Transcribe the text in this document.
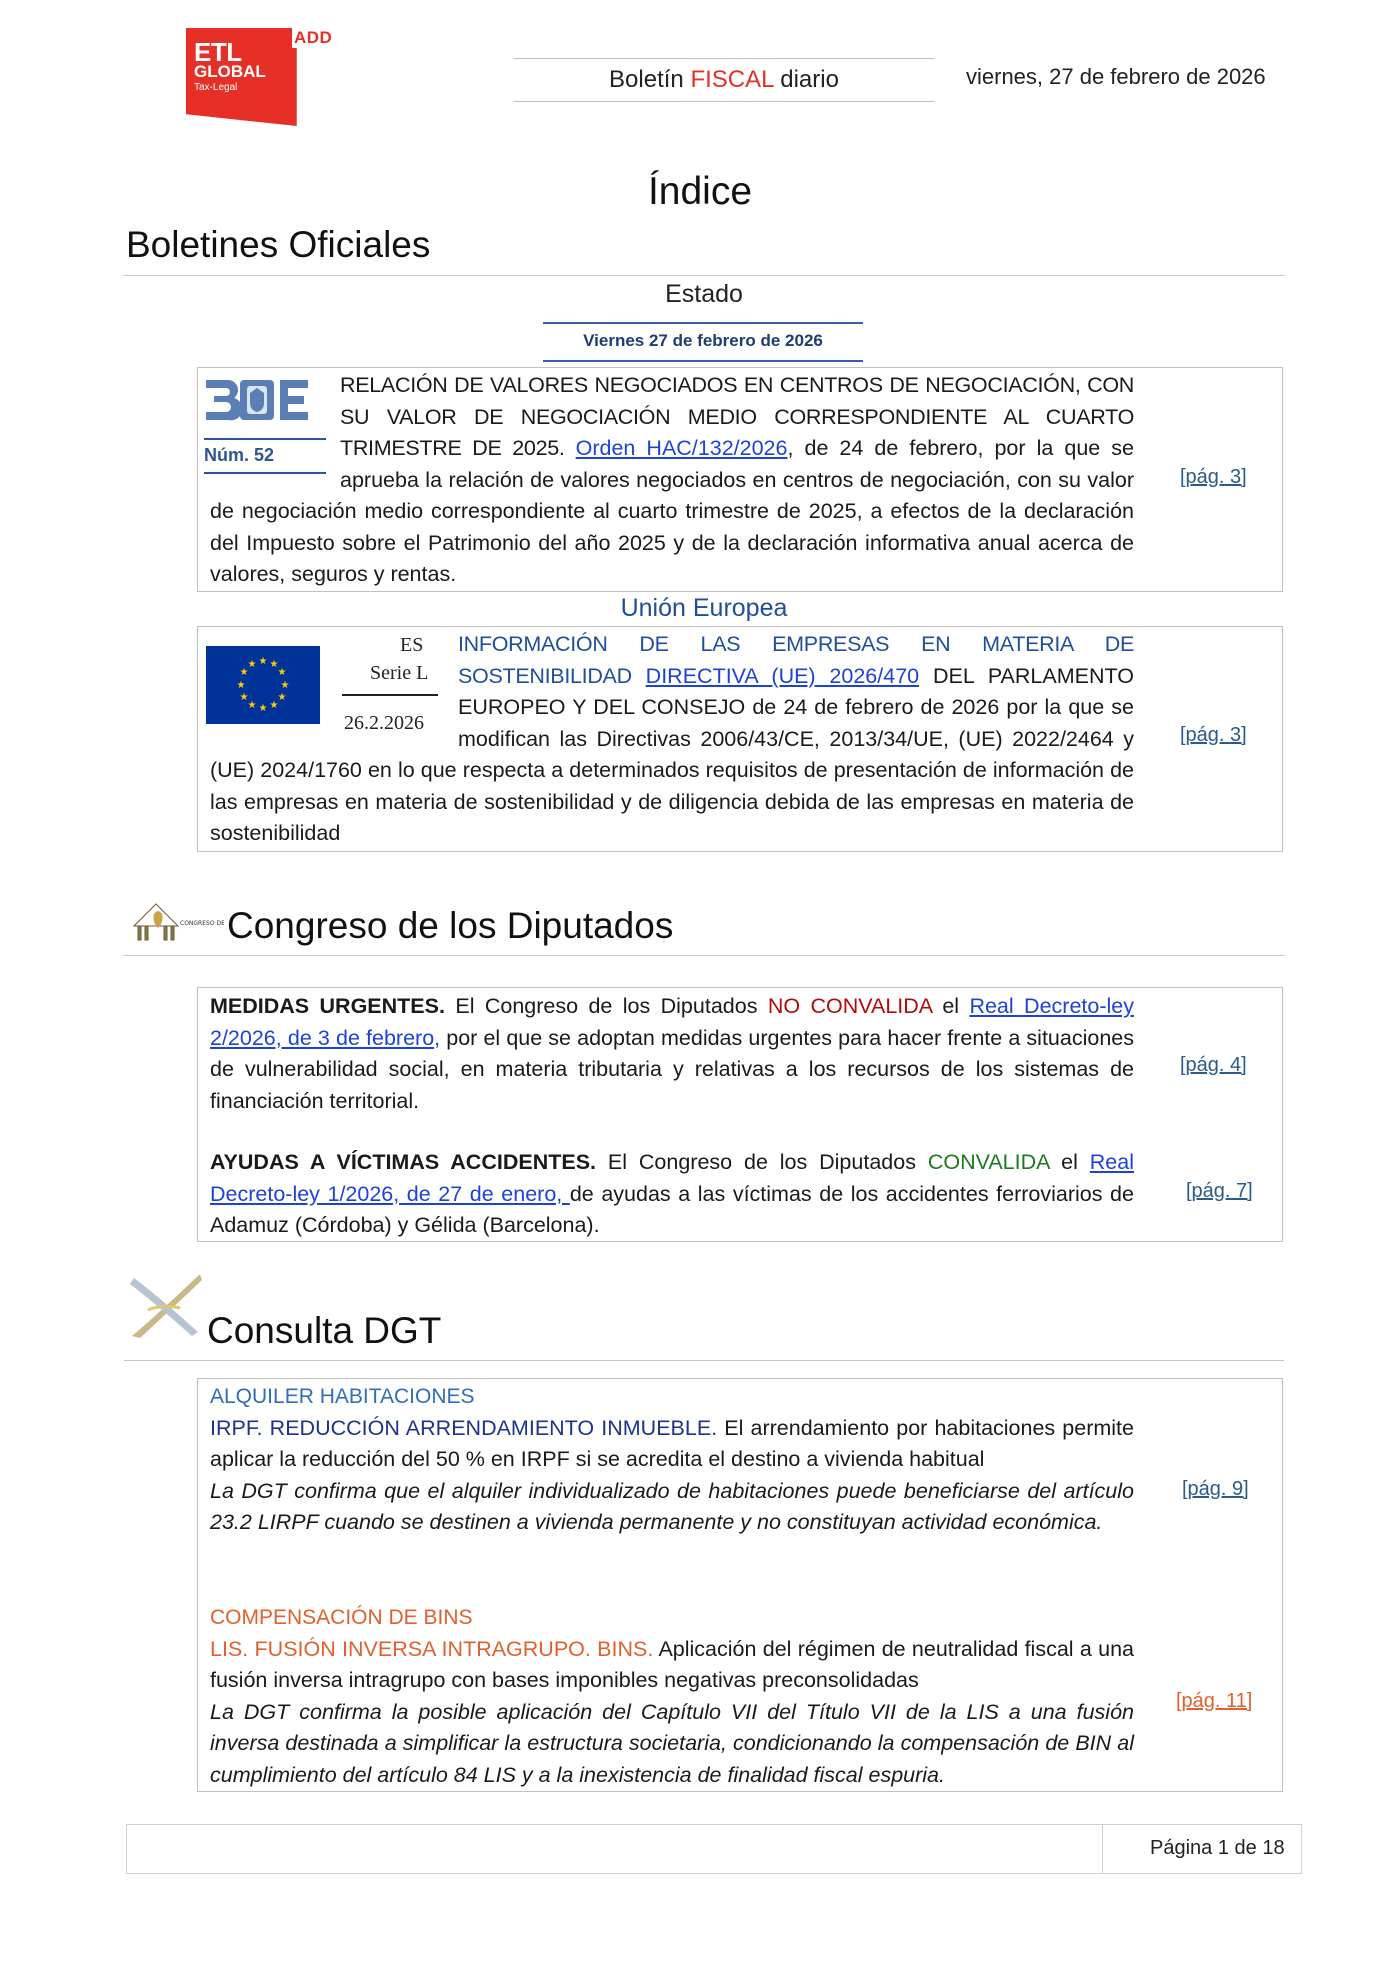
ADD
ETL
GLOBAL
Tax-Legal	Boletín FISCAL diario	viernes, 27 de febrero de 2026
Índice
Boletines Oficiales
Estado
Viernes 27 de febrero de 2026
Núm. 52
RELACIÓN DE VALORES NEGOCIADOS EN CENTROS DE NEGOCIACIÓN, CON SU VALOR DE NEGOCIACIÓN MEDIO CORRESPONDIENTE AL CUARTO TRIMESTRE DE 2025. Orden HAC/132/2026, de 24 de febrero, por la que se aprueba la relación de valores negociados en centros de negociación, con su valor de negociación medio correspondiente al cuarto trimestre de 2025, a efectos de la declaración del Impuesto sobre el Patrimonio del año 2025 y de la declaración informativa anual acerca de valores, seguros y rentas.
[pág. 3]
Unión Europea
★ ★
★
★
★
★
★
★
★
★
★
★
ES
Serie L
26.2.2026
INFORMACIÓN DE LAS EMPRESAS EN MATERIA DE SOSTENIBILIDAD DIRECTIVA (UE) 2026/470 DEL PARLAMENTO EUROPEO Y DEL CONSEJO de 24 de febrero de 2026 por la que se modifican las Directivas 2006/43/CE, 2013/34/UE, (UE) 2022/2464 y (UE) 2024/1760 en lo que respecta a determinados requisitos de presentación de información de las empresas en materia de sostenibilidad y de diligencia debida de las empresas en materia de sostenibilidad
[pág. 3]
CONGRESO DE Congreso de los Diputados
MEDIDAS URGENTES. El Congreso de los Diputados NO CONVALIDA el Real Decreto-ley 2/2026, de 3 de febrero, por el que se adoptan medidas urgentes para hacer frente a situaciones de vulnerabilidad social, en materia tributaria y relativas a los recursos de los sistemas de financiación territorial.
[pág. 4]
AYUDAS A VÍCTIMAS ACCIDENTES. El Congreso de los Diputados CONVALIDA el Real Decreto-ley 1/2026, de 27 de enero, de ayudas a las víctimas de los accidentes ferroviarios de Adamuz (Córdoba) y Gélida (Barcelona).
[pág. 7]
Consulta DGT
ALQUILER HABITACIONES
IRPF. REDUCCIÓN ARRENDAMIENTO INMUEBLE. El arrendamiento por habitaciones permite aplicar la reducción del 50 % en IRPF si se acredita el destino a vivienda habitual
La DGT confirma que el alquiler individualizado de habitaciones puede beneficiarse del artículo 23.2 LIRPF cuando se destinen a vivienda permanente y no constituyan actividad económica.
[pág. 9]
COMPENSACIÓN DE BINS
LIS. FUSIÓN INVERSA INTRAGRUPO. BINS. Aplicación del régimen de neutralidad fiscal a una fusión inversa intragrupo con bases imponibles negativas preconsolidadas
La DGT confirma la posible aplicación del Capítulo VII del Título VII de la LIS a una fusión inversa destinada a simplificar la estructura societaria, condicionando la compensación de BIN al cumplimiento del artículo 84 LIS y a la inexistencia de finalidad fiscal espuria.
[pág. 11]
Página 1 de 18
